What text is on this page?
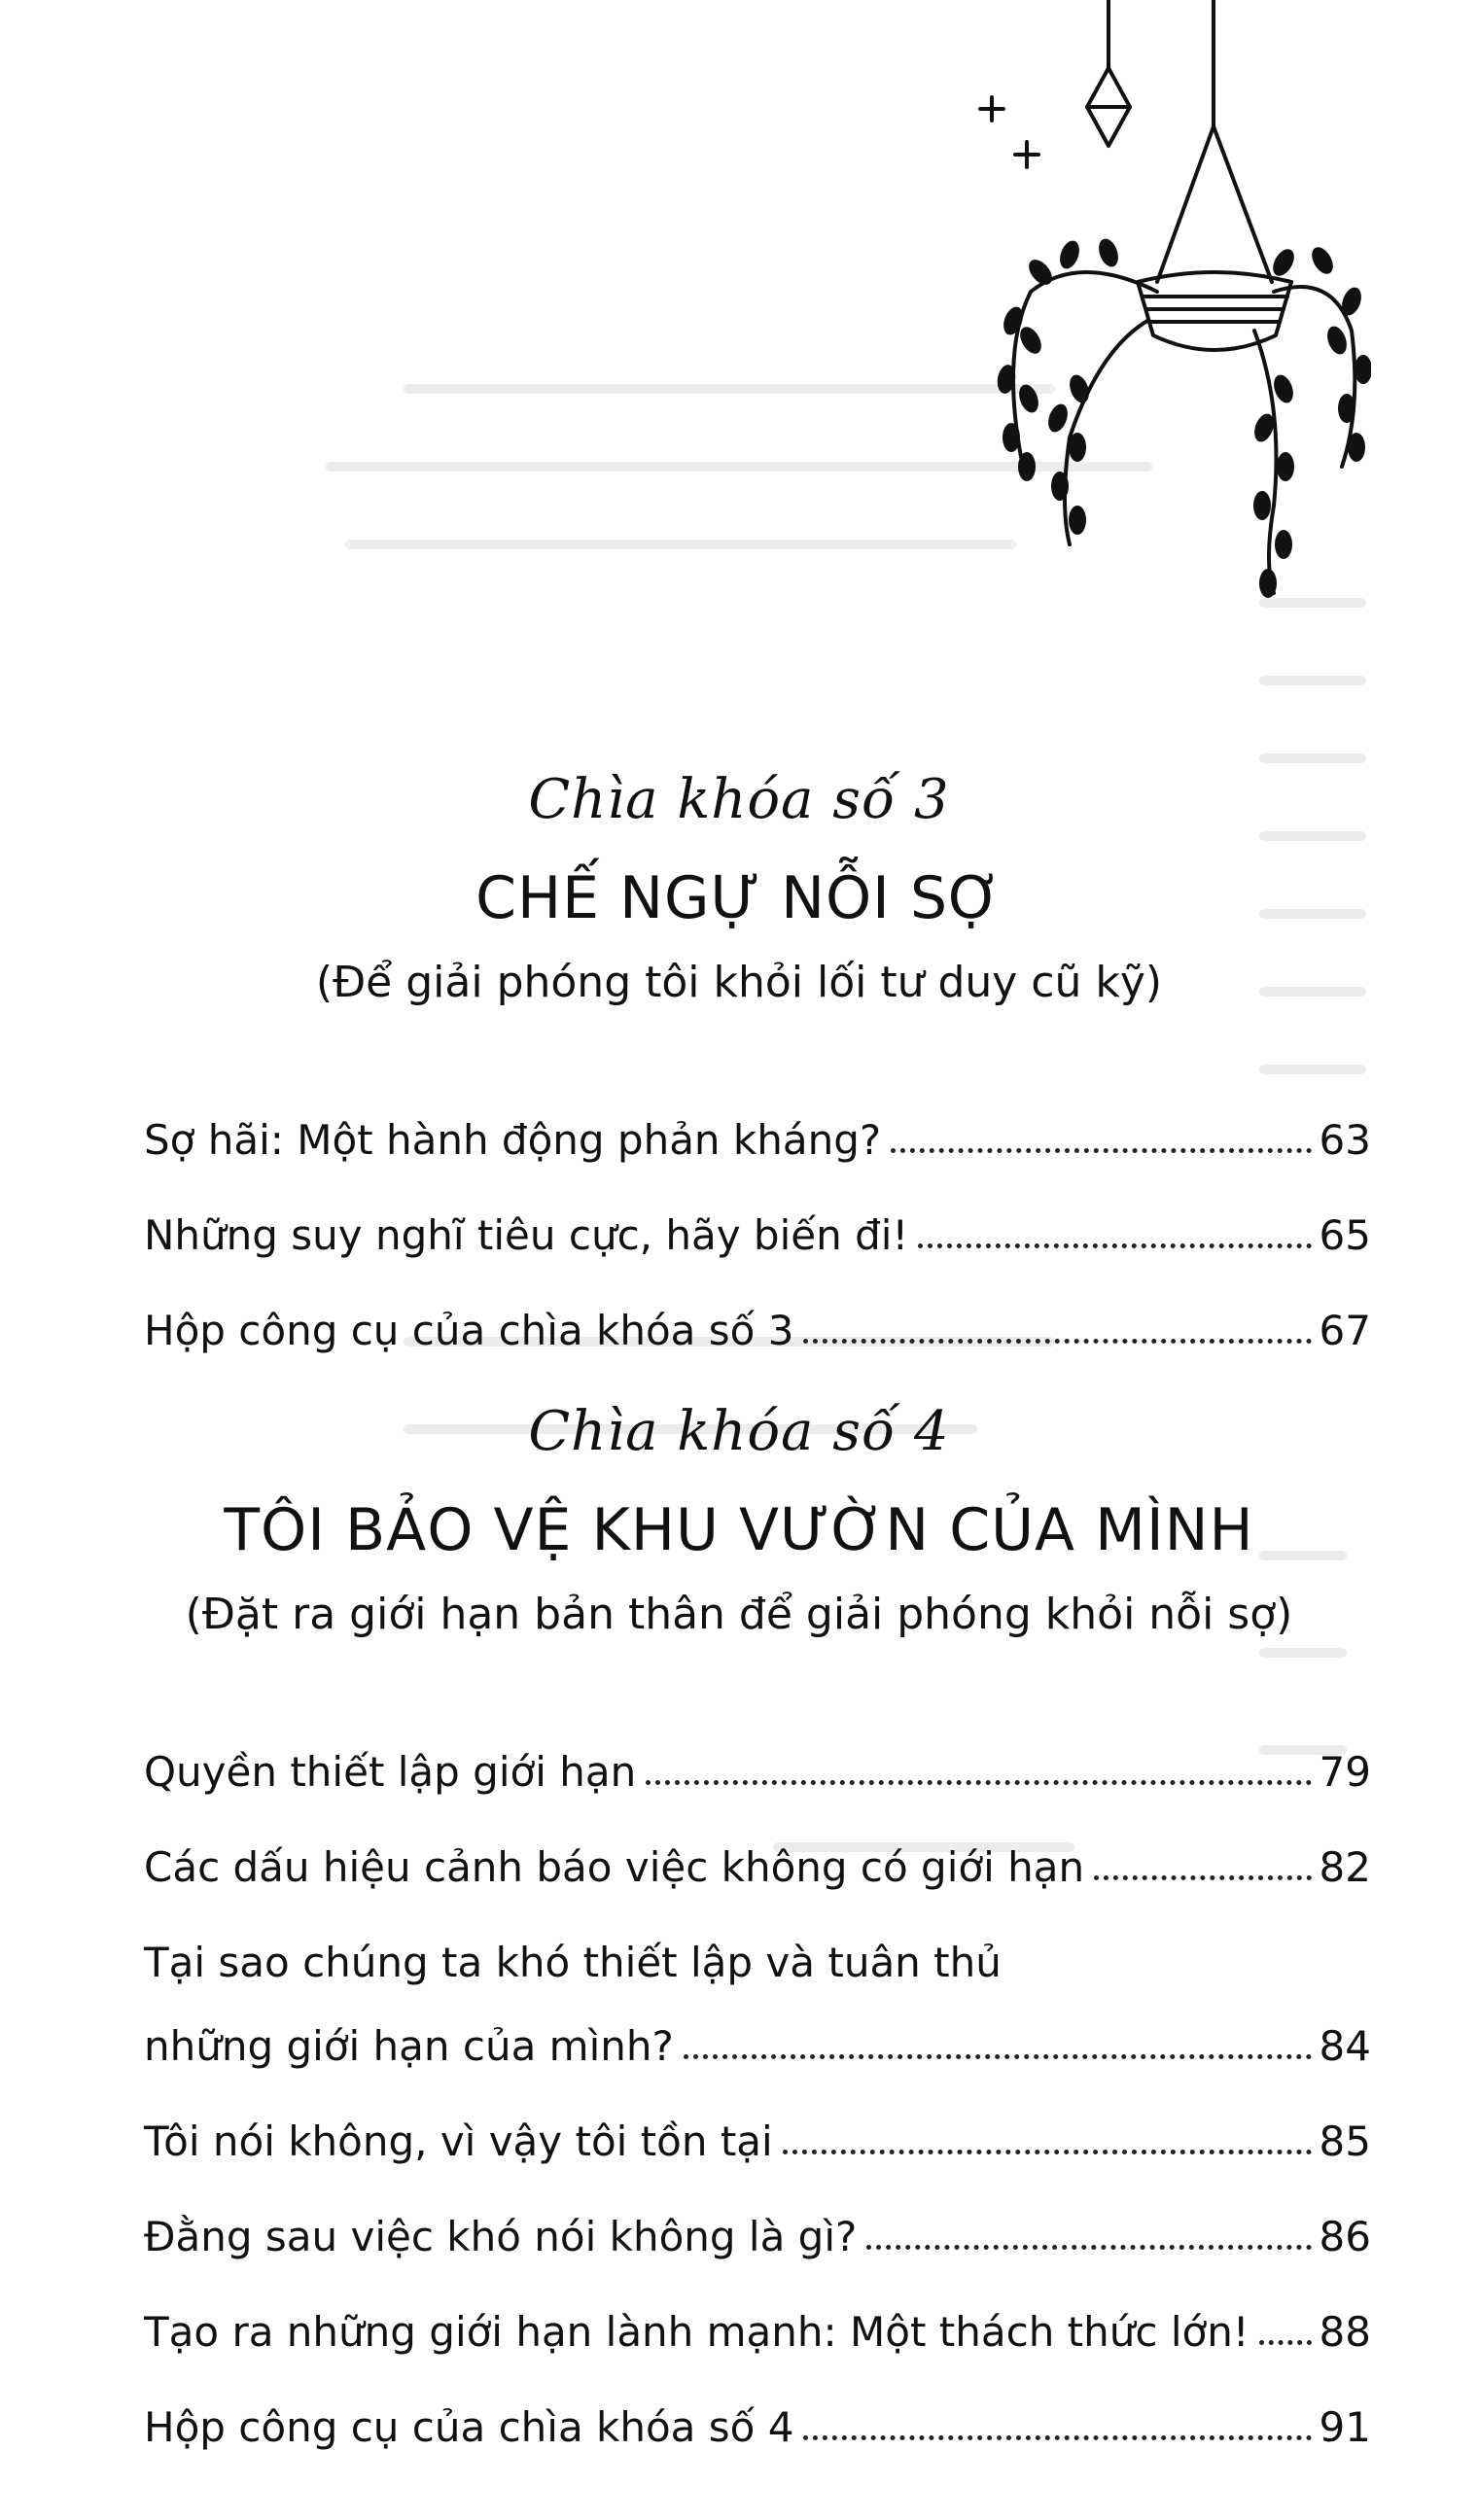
Chìa khóa số 3
CHẾ NGỰ NỖI SỢ
(Để giải phóng tôi khỏi lối tư duy cũ kỹ)
Sợ hãi: Một hành động phản kháng?	63
Những suy nghĩ tiêu cực, hãy biến đi!	65
Hộp công cụ của chìa khóa số 3	67
Chìa khóa số 4
TÔI BẢO VỆ KHU VƯỜN CỦA MÌNH
(Đặt ra giới hạn bản thân để giải phóng khỏi nỗi sợ)
Quyền thiết lập giới hạn	79
Các dấu hiệu cảnh báo việc không có giới hạn	82
Tại sao chúng ta khó thiết lập và tuân thủ
những giới hạn của mình?	84
Tôi nói không, vì vậy tôi tồn tại	85
Đằng sau việc khó nói không là gì?	86
Tạo ra những giới hạn lành mạnh: Một thách thức lớn! 88
Hộp công cụ của chìa khóa số 4	91
